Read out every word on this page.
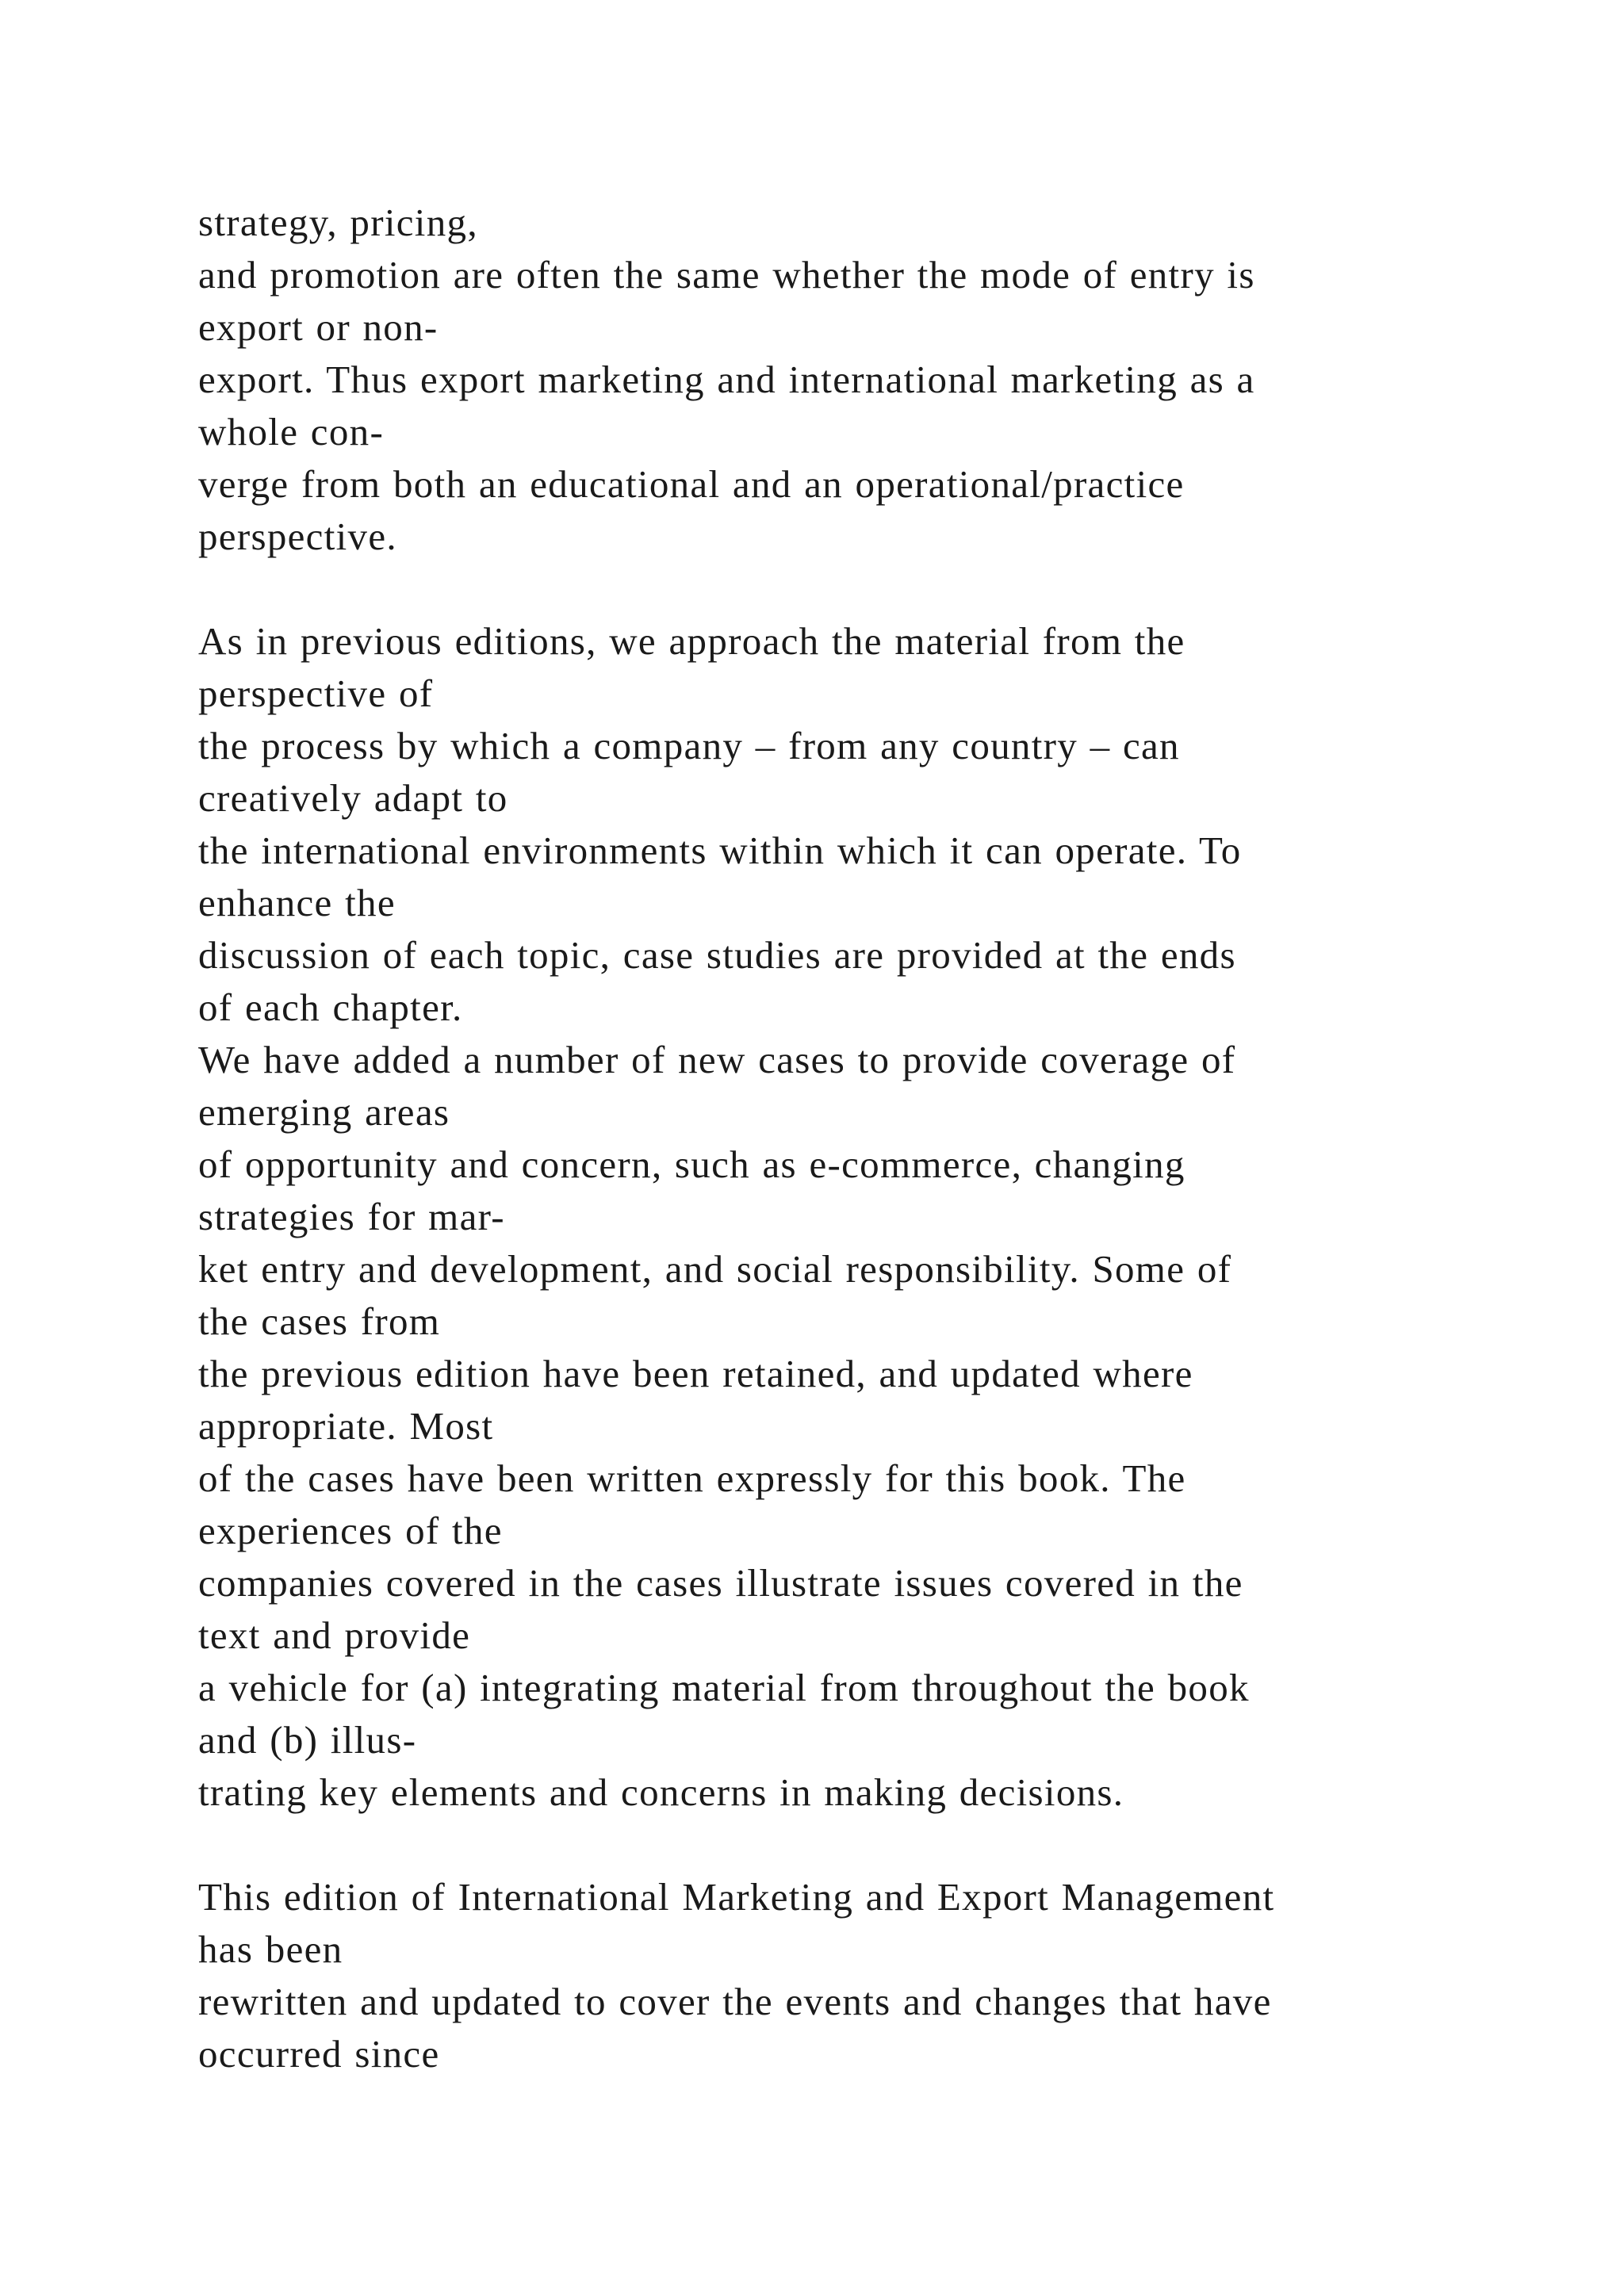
strategy, pricing,
and promotion are often the same whether the mode of entry is
export or non-
export. Thus export marketing and international marketing as a
whole con-
verge from both an educational and an operational/practice
perspective.
As in previous editions, we approach the material from the
perspective of
the process by which a company – from any country – can
creatively adapt to
the international environments within which it can operate. To
enhance the
discussion of each topic, case studies are provided at the ends
of each chapter.
We have added a number of new cases to provide coverage of
emerging areas
of opportunity and concern, such as e-commerce, changing
strategies for mar-
ket entry and development, and social responsibility. Some of
the cases from
the previous edition have been retained, and updated where
appropriate. Most
of the cases have been written expressly for this book. The
experiences of the
companies covered in the cases illustrate issues covered in the
text and provide
a vehicle for (a) integrating material from throughout the book
and (b) illus-
trating key elements and concerns in making decisions.
This edition of International Marketing and Export Management
has been
rewritten and updated to cover the events and changes that have
occurred since
